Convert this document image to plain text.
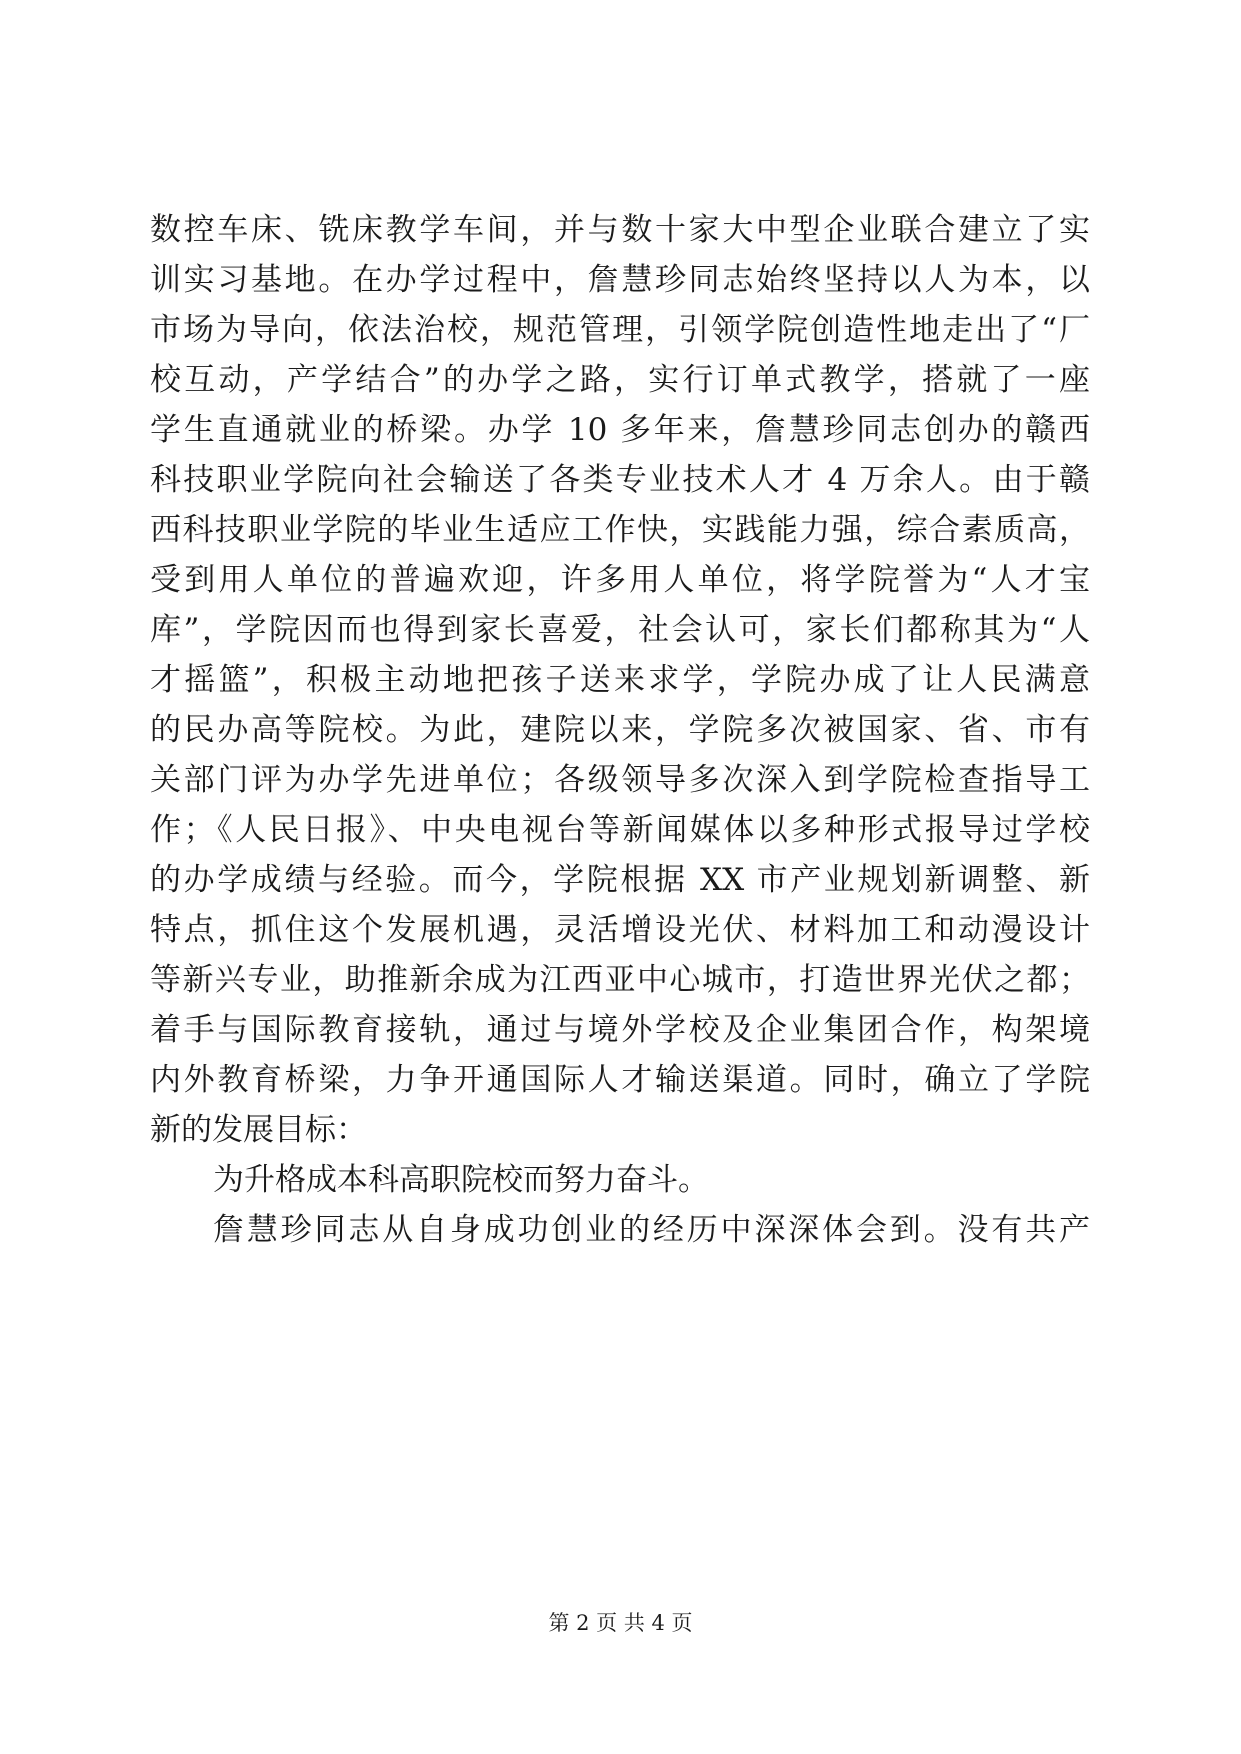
数控车床、铣床教学车间，并与数十家大中型企业联合建立了实
训实习基地。在办学过程中，詹慧珍同志始终坚持以人为本，以
市场为导向，依法治校，规范管理，引领学院创造性地走出了“厂
校互动，产学结合”的办学之路，实行订单式教学，搭就了一座
学生直通就业的桥梁。办学 10 多年来，詹慧珍同志创办的赣西
科技职业学院向社会输送了各类专业技术人才 4 万余人。由于赣
西科技职业学院的毕业生适应工作快，实践能力强，综合素质高，
受到用人单位的普遍欢迎，许多用人单位，将学院誉为“人才宝
库”，学院因而也得到家长喜爱，社会认可，家长们都称其为“人
才摇篮”，积极主动地把孩子送来求学，学院办成了让人民满意
的民办高等院校。为此，建院以来，学院多次被国家、省、市有
关部门评为办学先进单位；各级领导多次深入到学院检查指导工
作；《人民日报》、中央电视台等新闻媒体以多种形式报导过学校
的办学成绩与经验。而今，学院根据 XX 市产业规划新调整、新
特点，抓住这个发展机遇，灵活增设光伏、材料加工和动漫设计
等新兴专业，助推新余成为江西亚中心城市，打造世界光伏之都；
着手与国际教育接轨，通过与境外学校及企业集团合作，构架境
内外教育桥梁，力争开通国际人才输送渠道。同时，确立了学院
新的发展目标：
为升格成本科高职院校而努力奋斗。
詹慧珍同志从自身成功创业的经历中深深体会到。没有共产
第 2 页 共 4 页
